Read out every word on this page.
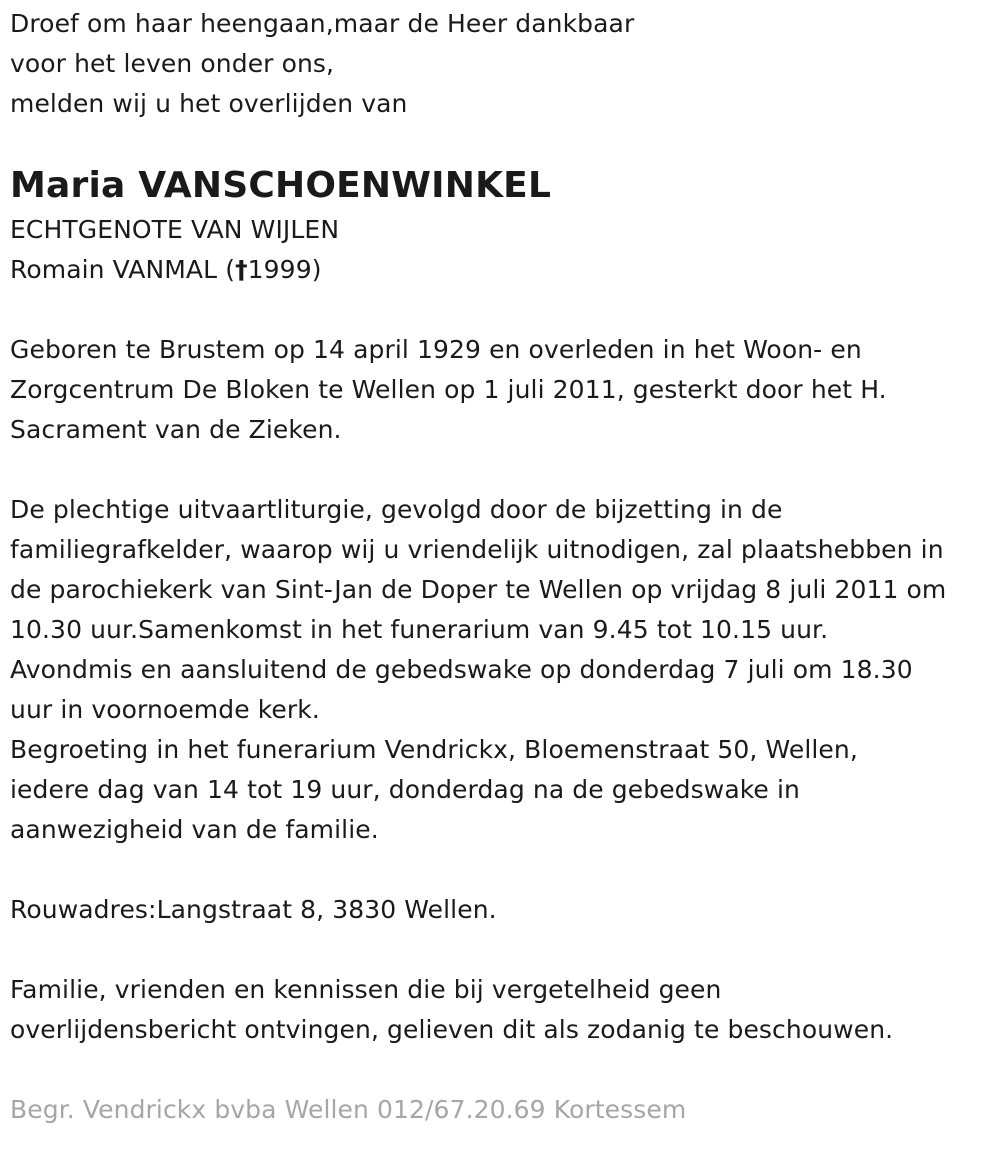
Droef om haar heengaan,maar de Heer dankbaar
voor het leven onder ons,
melden wij u het overlijden van
Maria VANSCHOENWINKEL
ECHTGENOTE VAN WIJLEN
Romain VANMAL (†1999)
Geboren te Brustem op 14 april 1929 en overleden in het Woon- en
Zorgcentrum De Bloken te Wellen op 1 juli 2011, gesterkt door het H.
Sacrament van de Zieken.
De plechtige uitvaartliturgie, gevolgd door de bijzetting in de
familiegrafkelder, waarop wij u vriendelijk uitnodigen, zal plaatshebben in
de parochiekerk van Sint-Jan de Doper te Wellen op vrijdag 8 juli 2011 om
10.30 uur.Samenkomst in het funerarium van 9.45 tot 10.15 uur.
Avondmis en aansluitend de gebedswake op donderdag 7 juli om 18.30
uur in voornoemde kerk.
Begroeting in het funerarium Vendrickx, Bloemenstraat 50, Wellen,
iedere dag van 14 tot 19 uur, donderdag na de gebedswake in
aanwezigheid van de familie.
Rouwadres:Langstraat 8, 3830 Wellen.
Familie, vrienden en kennissen die bij vergetelheid geen
overlijdensbericht ontvingen, gelieven dit als zodanig te beschouwen.
Begr. Vendrickx bvba Wellen 012/67.20.69 Kortessem
